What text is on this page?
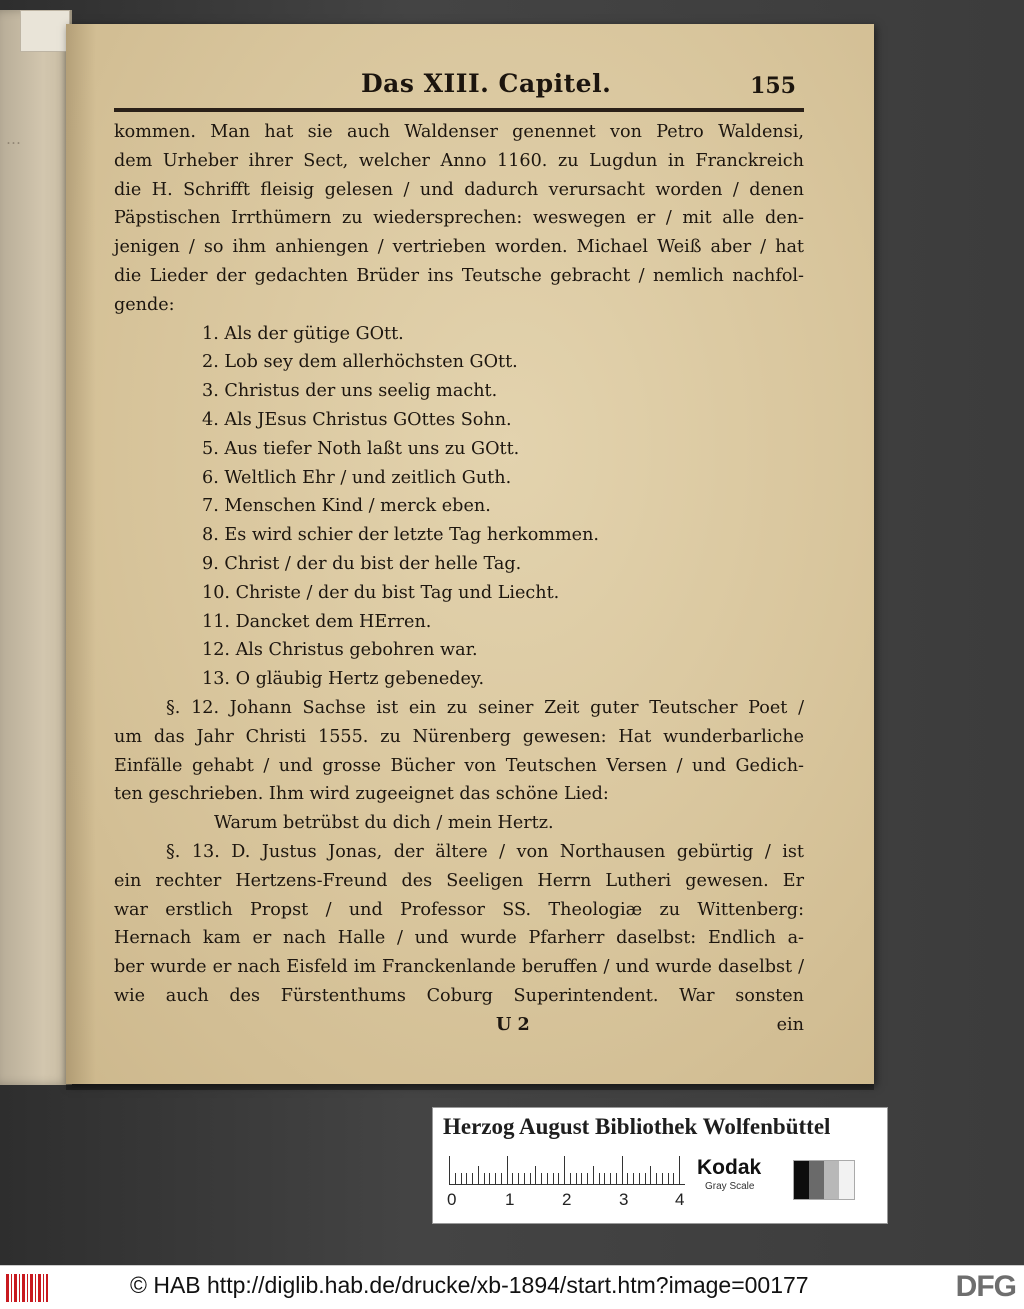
…
Das XIII. Capitel.	155
kommen. Man hat sie auch Waldenser genennet von Petro Waldensi,
dem Urheber ihrer Sect, welcher Anno 1160. zu Lugdun in Franckreich
die H. Schrifft fleisig gelesen / und dadurch verursacht worden / denen
Päpstischen Irrthümern zu wiedersprechen: weswegen er / mit alle den-
jenigen / so ihm anhiengen / vertrieben worden. Michael Weiß aber / hat
die Lieder der gedachten Brüder ins Teutsche gebracht / nemlich nachfol-
gende:
1. Als der gütige GOtt.
2. Lob sey dem allerhöchsten GOtt.
3. Christus der uns seelig macht.
4. Als JEsus Christus GOttes Sohn.
5. Aus tiefer Noth laßt uns zu GOtt.
6. Weltlich Ehr / und zeitlich Guth.
7. Menschen Kind / merck eben.
8. Es wird schier der letzte Tag herkommen.
9. Christ / der du bist der helle Tag.
10. Christe / der du bist Tag und Liecht.
11. Dancket dem HErren.
12. Als Christus gebohren war.
13. O gläubig Hertz gebenedey.
§. 12. Johann Sachse ist ein zu seiner Zeit guter Teutscher Poet /
um das Jahr Christi 1555. zu Nürenberg gewesen: Hat wunderbarliche
Einfälle gehabt / und grosse Bücher von Teutschen Versen / und Gedich-
ten geschrieben. Ihm wird zugeeignet das schöne Lied:
Warum betrübst du dich / mein Hertz.
§. 13. D. Justus Jonas, der ältere / von Northausen gebürtig / ist
ein rechter Hertzens-Freund des Seeligen Herrn Lutheri gewesen. Er
war erstlich Propst / und Professor SS. Theologiæ zu Wittenberg:
Hernach kam er nach Halle / und wurde Pfarherr daselbst: Endlich a-
ber wurde er nach Eisfeld im Franckenlande beruffen / und wurde daselbst /
wie auch des Fürstenthums Coburg Superintendent. War sonsten
U 2	ein
Herzog August Bibliothek Wolfenbüttel
0	1	2	3	4
Kodak
Gray Scale
© HAB http://diglib.hab.de/drucke/xb-1894/start.htm?image=00177	DFG
